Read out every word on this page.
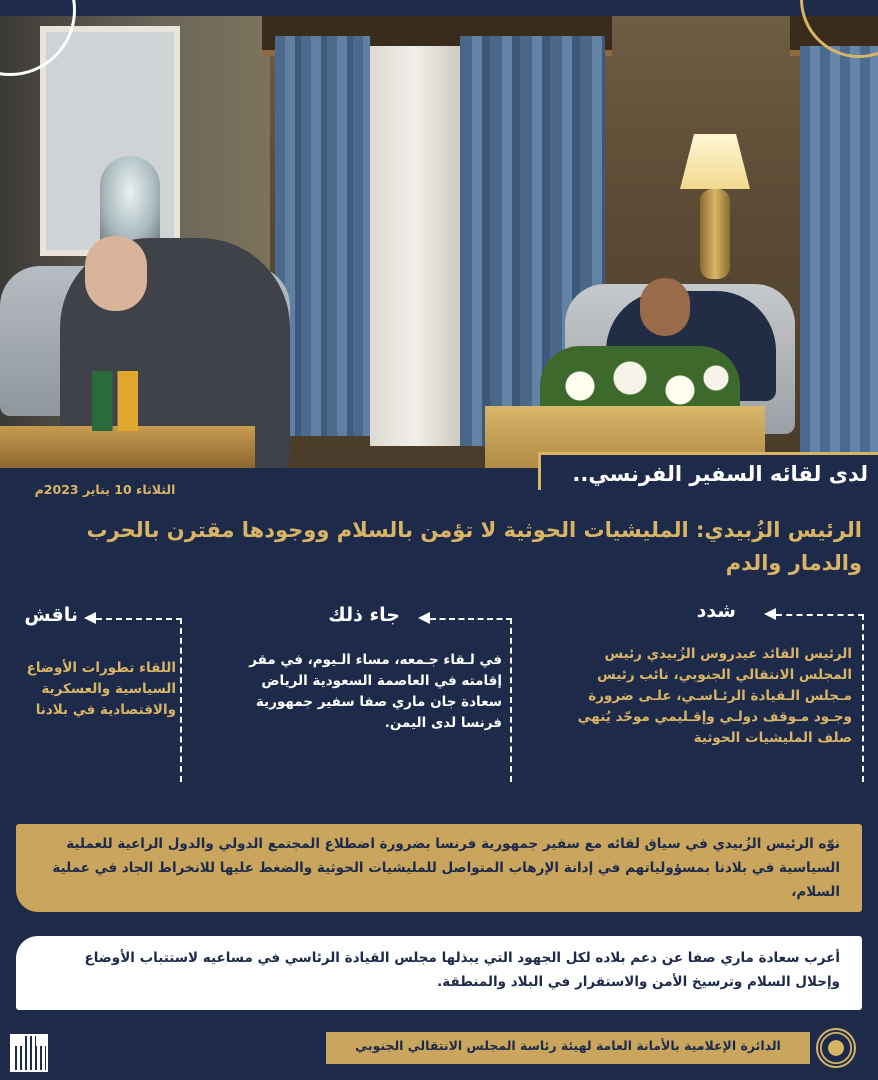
لدى لقائه السفير الفرنسي..
الثلاثاء 10 يناير 2023م
الرئيس الزُبيدي: المليشيات الحوثية لا تؤمن بالسلام ووجودها مقترن بالحرب والدمار والدم
شدد
الرئيس القائد عيدروس الزُبيدي رئيس المجلس الانتقالي الجنوبي، نائب رئيس مـجلس الـقيادة الرئـاسـي، علـى ضرورة وجـود مـوقف دولـي وإقـليمي موحّد يُنهي صلف المليشيات الحوثية
جاء ذلك
في لـقاء جـمعه، مساء الـيوم، في مقر إقامته في العاصمة السعودية الرياض سعادة جان ماري صفا سفير جمهورية فرنسا لدى اليمن.
ناقش
اللقاء تطورات الأوضاع السياسية والعسكرية والاقتصادية في بلادنا
نوّه الرئيس الزُبيدي في سياق لقائه مع سفير جمهورية فرنسا بضرورة اضطلاع المجتمع الدولي والدول الراعية للعملية السياسية في بلادنا بمسؤولياتهم في إدانة الإرهاب المتواصل للمليشيات الحوثية والضغط عليها للانخراط الجاد في عملية السلام،
أعرب سعادة ماري صفا عن دعم بلاده لكل الجهود التي يبذلها مجلس القيادة الرئاسي في مساعيه لاستتباب الأوضاع وإحلال السلام وترسيخ الأمن والاستقرار في البلاد والمنطقة.
الدائرة الإعلامية بالأمانة العامة لهيئة رئاسة المجلس الانتقالي الجنوبي
